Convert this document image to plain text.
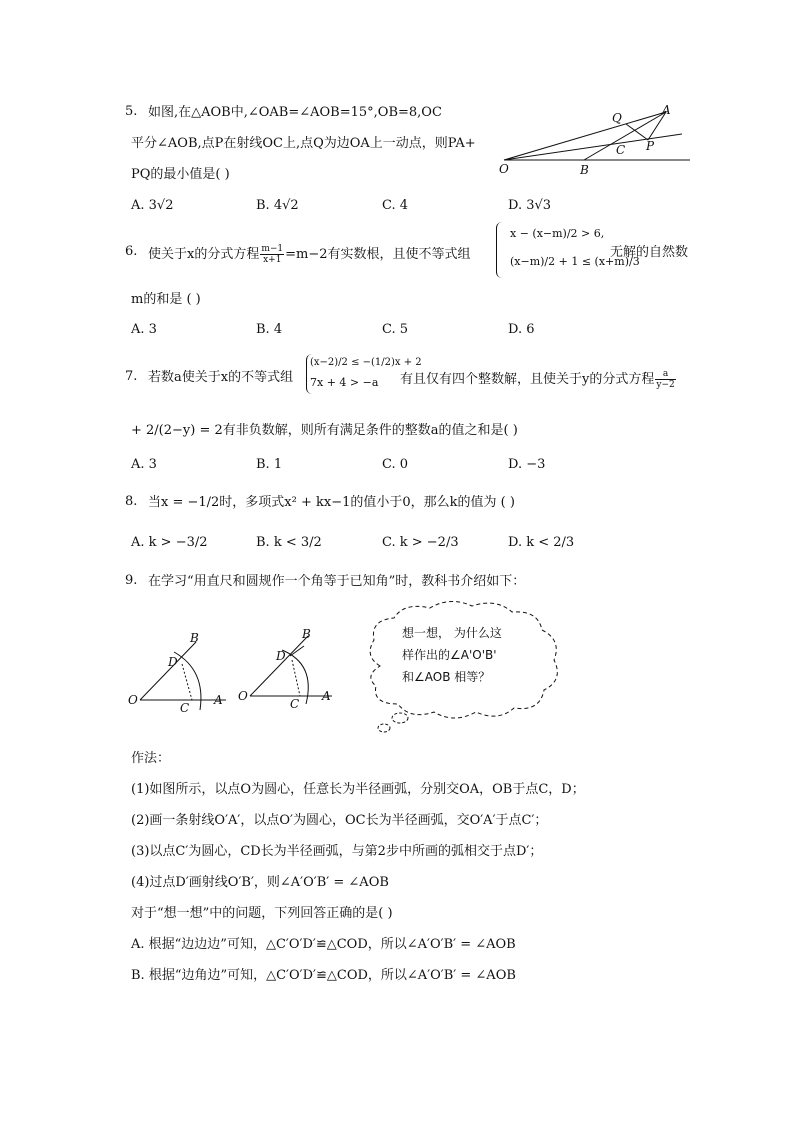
5. 如图,在△AOB中,∠OAB=∠AOB=15°,OB=8,OC
平分∠AOB,点P在射线OC上,点Q为边OA上一动点，则PA+
PQ的最小值是( )
A
Q
C P
O	B
A. 3√2	B. 4√2	C. 4	D. 3√3
6. 使关于x的分式方程 $\frac{m-1}{x+1} =m-2$有实数根，且使不等式组
x − (x−m)/2 > 6,
(x−m)/2 + 1 ≤ (x+m)/3
无解的自然数
m的和是 ( )
A. 3	B. 4	C. 5	D. 6
7. 若数a使关于x的不等式组
(x−2)/2 ≤ −(1/2)x + 2
7x + 4 > −a 有且仅有四个整数解，且使关于y的分式方程 $\frac{a}{y-2}$
+ 2/(2−y) = 2有非负数解，则所有满足条件的整数a的值之和是( )
A. 3	B. 1	C. 0	D. −3
8. 当x = −1/2时，多项式x² + kx−1的值小于0，那么k的值为 ( )
A. k > −3/2	B. k < 3/2	C. k > −2/3	D. k < 2/3
9. 在学习“用直尺和圆规作一个角等于已知角”时，教科书介绍如下：
B
D
O
C
A
B
D
O
C
A
想一想， 为什么这
样作出的∠A'O'B'
和∠AOB 相等？
作法：
(1)如图所示，以点O为圆心，任意长为半径画弧，分别交OA，OB于点C，D；
(2)画一条射线O′A′，以点O′为圆心，OC长为半径画弧，交O′A′于点C′；
(3)以点C′为圆心，CD长为半径画弧，与第2步中所画的弧相交于点D′；
(4)过点D′画射线O′B′，则∠A′O′B′ = ∠AOB
对于“想一想”中的问题，下列回答正确的是( )
A. 根据“边边边”可知，△C′O′D′≌△COD，所以∠A′O′B′ = ∠AOB
B. 根据“边角边”可知，△C′O′D′≌△COD，所以∠A′O′B′ = ∠AOB
